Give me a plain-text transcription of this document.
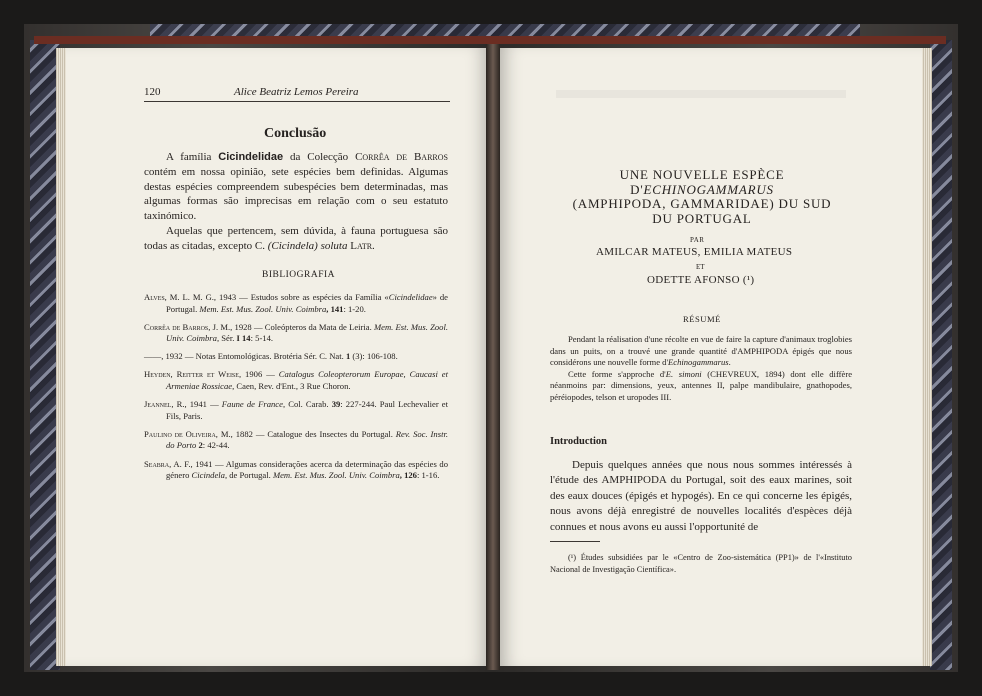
120	Alice Beatriz Lemos Pereira

Conclusão

A família Cicindelidae da Colecção Corrêa de Barros contém em nossa opinião, sete espécies bem definidas. Algumas destas espécies compreendem subespécies bem determinadas, mas algumas formas são imprecisas em relação com o seu estatuto taxinómico.

Aquelas que pertencem, sem dúvida, à fauna portuguesa são todas as citadas, excepto C. (Cicindela) soluta Latr.

BIBLIOGRAFIA

Alves, M. L. M. G., 1943 — Estudos sobre as espécies da Família «Cicindelidae» de Portugal. Mem. Est. Mus. Zool. Univ. Coimbra, 141: 1-20.

Corrêa de Barros, J. M., 1928 — Coleópteros da Mata de Leiria. Mem. Est. Mus. Zool. Univ. Coimbra, Sér. I 14: 5-14.

——, 1932 — Notas Entomológicas. Brotéria Sér. C. Nat. 1 (3): 106-108.

Heyden, Reitter et Weise, 1906 — Catalogus Coleopterorum Europae, Caucasi et Armeniae Rossicae, Caen, Rev. d'Ent., 3 Rue Choron.

Jeannel, R., 1941 — Faune de France, Col. Carab. 39: 227-244. Paul Lechevalier et Fils, Paris.

Paulino de Oliveira, M., 1882 — Catalogue des Insectes du Portugal. Rev. Soc. Instr. do Porto 2: 42-44.

Seabra, A. F., 1941 — Algumas considerações acerca da determinação das espécies do género Cicindela, de Portugal. Mem. Est. Mus. Zool. Univ. Coimbra, 126: 1-16.

UNE NOUVELLE ESPÈCE D'ECHINOGAMMARUS
(AMPHIPODA, GAMMARIDAE) DU SUD
DU PORTUGAL
PAR
AMILCAR MATEUS, EMILIA MATEUS
ET
ODETTE AFONSO (¹)
RÉSUMÉ

Pendant la réalisation d'une récolte en vue de faire la capture d'animaux troglobies dans un puits, on a trouvé une grande quantité d'AMPHIPODA épigés que nous considérons une nouvelle forme d'Echinogammarus.

Cette forme s'approche d'E. simoni (CHEVREUX, 1894) dont elle diffère néanmoins par: dimensions, yeux, antennes II, palpe mandibulaire, gnathopodes, péréiopodes, telson et uropodes III.

Introduction

Depuis quelques années que nous nous sommes intéressés à l'étude des AMPHIPODA du Portugal, soit des eaux marines, soit des eaux douces (épigés et hypogés). En ce qui concerne les épigés, nous avons déjà enregistré de nouvelles localités d'espèces déjà connues et nous avons eu aussi l'opportunité de

(¹) Études subsidiées par le «Centro de Zoo-sistemática (PP1)» de l'«Instituto Nacional de Investigação Científica».
